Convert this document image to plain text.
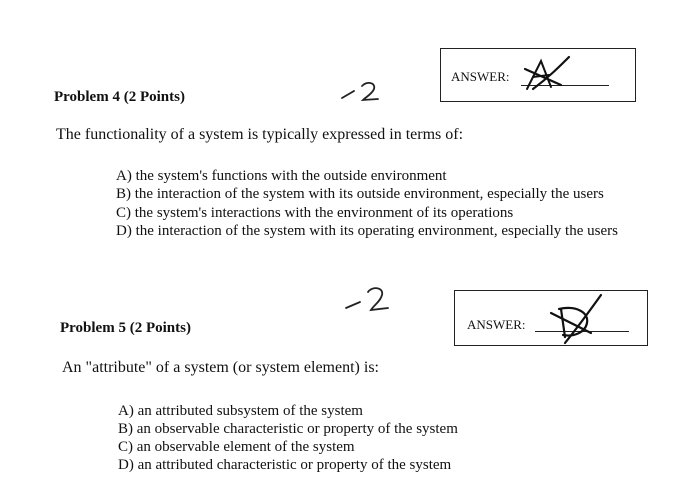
Problem 4 (2 Points)
ANSWER:
The functionality of a system is typically expressed in terms of:
A) the system's functions with the outside environment
B) the interaction of the system with its outside environment, especially the users
C) the system's interactions with the environment of its operations
D) the interaction of the system with its operating environment, especially the users
Problem 5 (2 Points)	ANSWER:
An "attribute" of a system (or system element) is:
A) an attributed subsystem of the system
B) an observable characteristic or property of the system
C) an observable element of the system
D) an attributed characteristic or property of the system
